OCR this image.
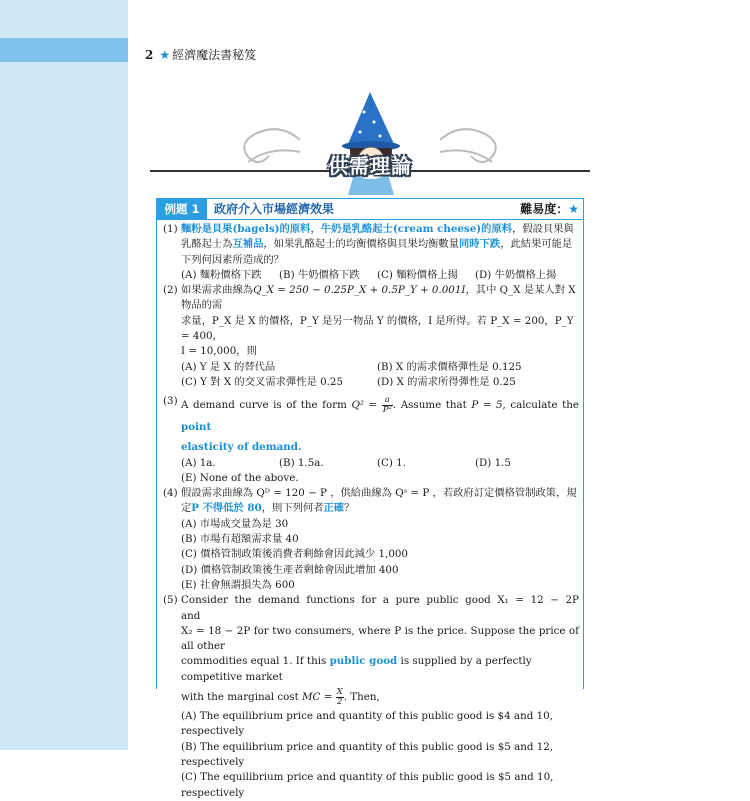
2 ★ 經濟魔法書秘笈
供需理論
例題 1	政府介入市場經濟效果	難易度：★
(1) 麵粉是貝果(bagels)的原料，牛奶是乳酪起士(cream cheese)的原料，假設貝果與乳酪起士為互補品，如果乳酪起士的均衡價格與貝果均衡數量同時下跌，此結果可能是下列何因素所造成的？
(A) 麵粉價格下跌	(B) 牛奶價格下跌	(C) 麵粉價格上揚	(D) 牛奶價格上揚
(2) 如果需求曲線為Q_X = 250 − 0.25P_X + 0.5P_Y + 0.001I，其中 Q_X 是某人對 X 物品的需
求量，P_X 是 X 的價格，P_Y 是另一物品 Y 的價格，I 是所得。若 P_X = 200，P_Y = 400，
I = 10,000，則
(A) Y 是 X 的替代品	(B) X 的需求價格彈性是 0.125
(C) Y 對 X 的交叉需求彈性是 0.25	(D) X 的需求所得彈性是 0.25
(3) A demand curve is of the form $Q^2 = \frac{a}{\text{P²}}$ . Assume that P = 5, calculate the point
elasticity of demand.
(A) 1a.	(B) 1.5a.	(C) 1.	(D) 1.5
(E) None of the above.
(4) 假設需求曲線為 Qᴰ = 120 − P ，供給曲線為 Qˢ = P ，若政府訂定價格管制政策，規
定P 不得低於 80，則下列何者正確？
(A) 市場成交量為是 30
(B) 市場有超額需求量 40
(C) 價格管制政策後消費者剩餘會因此減少 1,000
(D) 價格管制政策後生產者剩餘會因此增加 400
(E) 社會無謂損失為 600
(5) Consider the demand functions for a pure public good X₁ = 12 − 2P and
X₂ = 18 − 2P for two consumers, where P is the price. Suppose the price of all other
commodities equal 1. If this public good is supplied by a perfectly competitive market
with the marginal cost MC = $\frac{X}{2}$ . Then,
(A) The equilibrium price and quantity of this public good is $4 and 10, respectively
(B) The equilibrium price and quantity of this public good is $5 and 12, respectively
(C) The equilibrium price and quantity of this public good is $5 and 10, respectively
